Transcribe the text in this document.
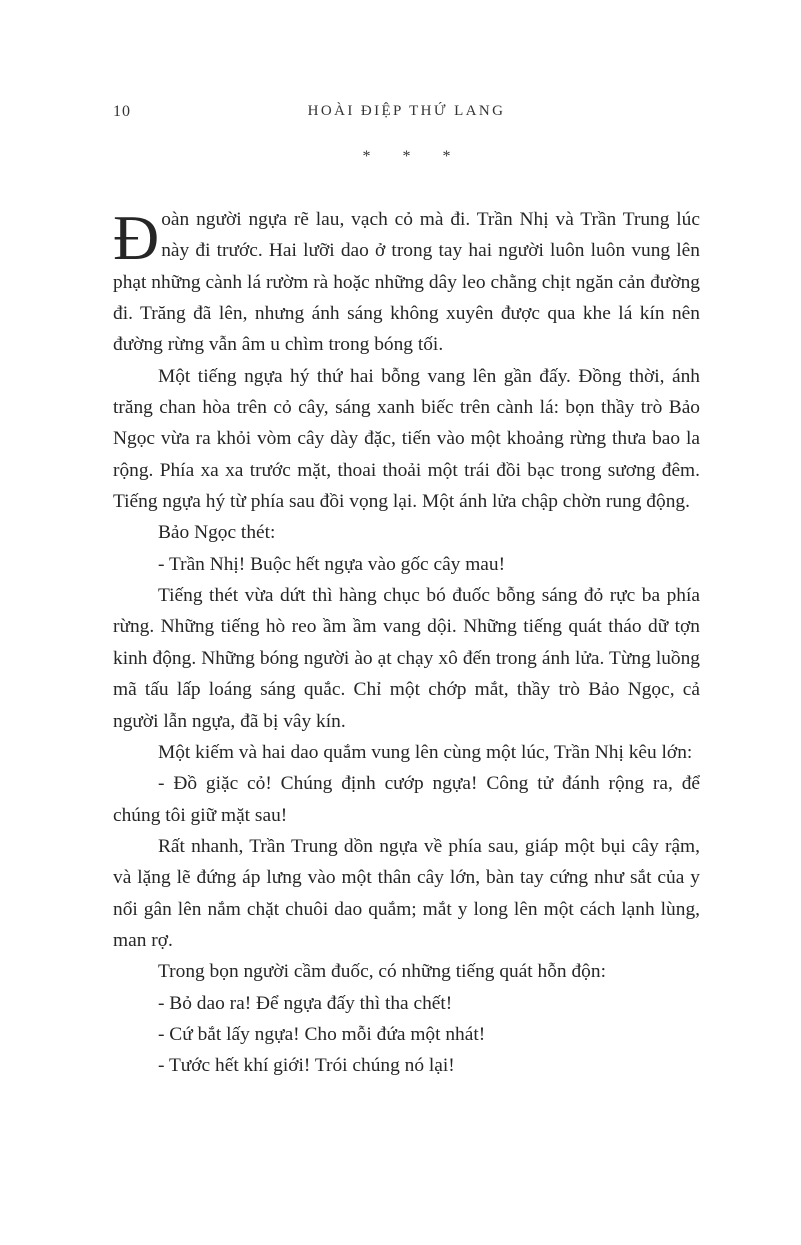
10	HOÀI ĐIỆP THỨ LANG
* * *

Đoàn người ngựa rẽ lau, vạch cỏ mà đi. Trần Nhị và Trần Trung lúc này đi trước. Hai lưỡi dao ở trong tay hai người luôn luôn vung lên phạt những cành lá rườm rà hoặc những dây leo chằng chịt ngăn cản đường đi. Trăng đã lên, nhưng ánh sáng không xuyên được qua khe lá kín nên đường rừng vẫn âm u chìm trong bóng tối.

Một tiếng ngựa hý thứ hai bỗng vang lên gần đấy. Đồng thời, ánh trăng chan hòa trên cỏ cây, sáng xanh biếc trên cành lá: bọn thầy trò Bảo Ngọc vừa ra khỏi vòm cây dày đặc, tiến vào một khoảng rừng thưa bao la rộng. Phía xa xa trước mặt, thoai thoải một trái đồi bạc trong sương đêm. Tiếng ngựa hý từ phía sau đồi vọng lại. Một ánh lửa chập chờn rung động.

Bảo Ngọc thét:

- Trần Nhị! Buộc hết ngựa vào gốc cây mau!

Tiếng thét vừa dứt thì hàng chục bó đuốc bỗng sáng đỏ rực ba phía rừng. Những tiếng hò reo ầm ầm vang dội. Những tiếng quát tháo dữ tợn kinh động. Những bóng người ào ạt chạy xô đến trong ánh lửa. Từng luồng mã tấu lấp loáng sáng quắc. Chỉ một chớp mắt, thầy trò Bảo Ngọc, cả người lẫn ngựa, đã bị vây kín.

Một kiếm và hai dao quắm vung lên cùng một lúc, Trần Nhị kêu lớn:

- Đồ giặc cỏ! Chúng định cướp ngựa! Công tử đánh rộng ra, để chúng tôi giữ mặt sau!

Rất nhanh, Trần Trung dồn ngựa về phía sau, giáp một bụi cây rậm, và lặng lẽ đứng áp lưng vào một thân cây lớn, bàn tay cứng như sắt của y nổi gân lên nắm chặt chuôi dao quắm; mắt y long lên một cách lạnh lùng, man rợ.

Trong bọn người cầm đuốc, có những tiếng quát hỗn độn:

- Bỏ dao ra! Để ngựa đấy thì tha chết!

- Cứ bắt lấy ngựa! Cho mỗi đứa một nhát!

- Tước hết khí giới! Trói chúng nó lại!
